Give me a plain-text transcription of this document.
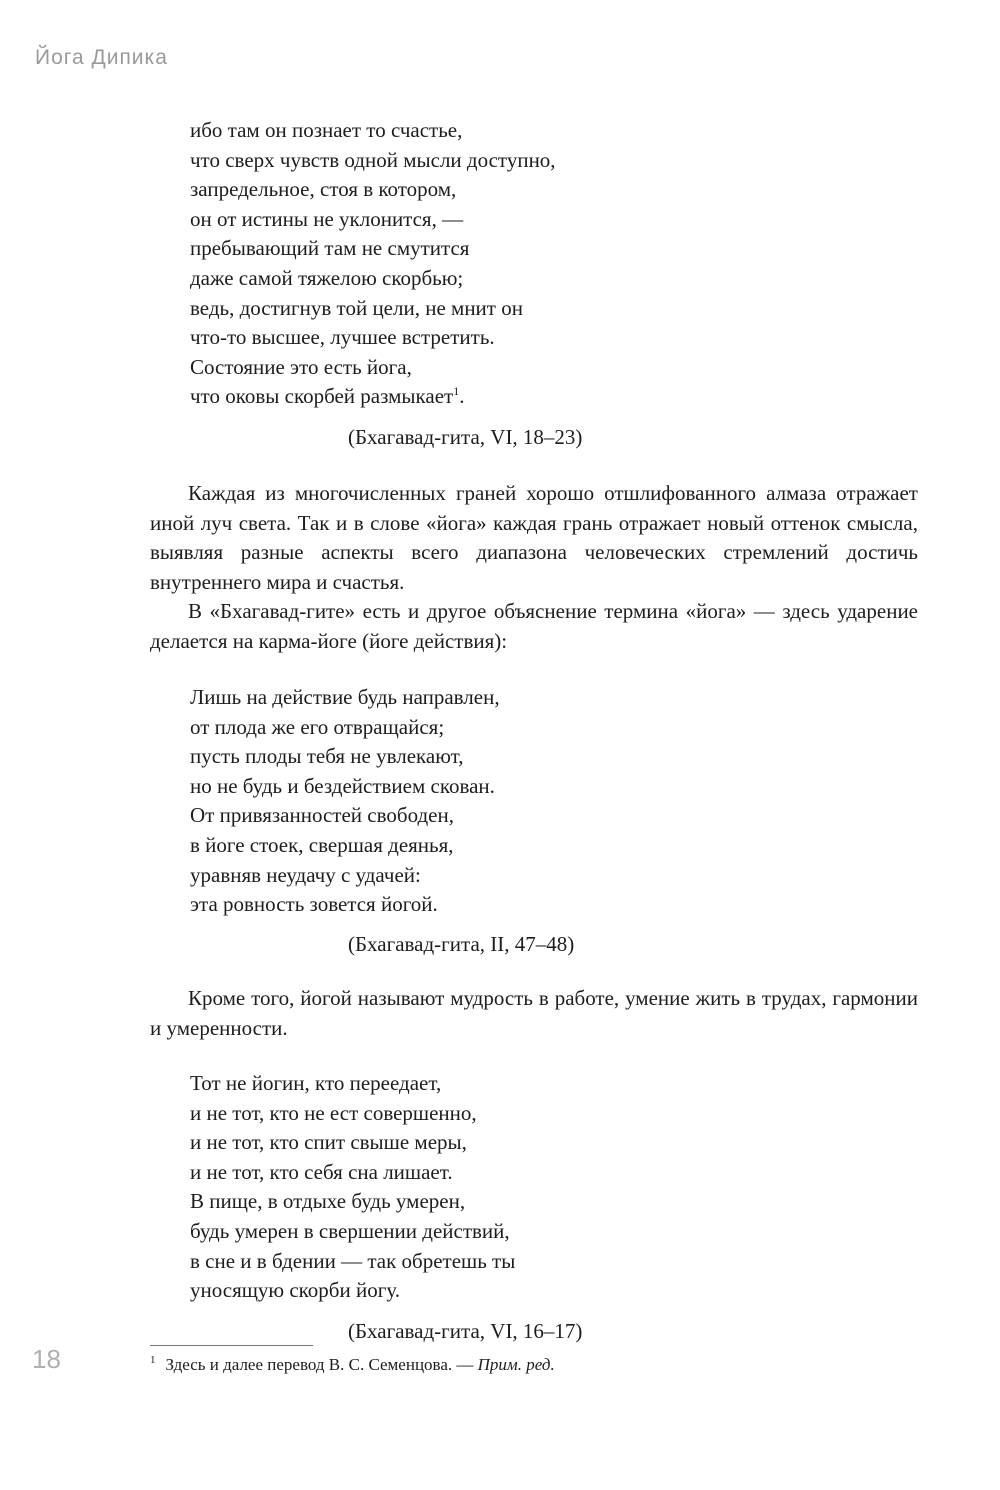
Йога Дипика
ибо там он познает то счастье,
что сверх чувств одной мысли доступно,
запредельное, стоя в котором,
он от истины не уклонится, —
пребывающий там не смутится
даже самой тяжелою скорбью;
ведь, достигнув той цели, не мнит он
что-то высшее, лучшее встретить.
Состояние это есть йога,
что оковы скорбей размыкает$^1$.
(Бхагавад-гита, VI, 18–23)

Каждая из многочисленных граней хорошо отшлифованного алмаза отражает иной луч света. Так и в слове «йога» каждая грань отражает новый оттенок смысла, выявляя разные аспекты всего диапазона человеческих стремлений достичь внутреннего мира и счастья.

В «Бхагавад-гите» есть и другое объяснение термина «йога» — здесь ударение делается на карма-йоге (йоге действия):

Лишь на действие будь направлен,
от плода же его отвращайся;
пусть плоды тебя не увлекают,
но не будь и бездействием скован.
От привязанностей свободен,
в йоге стоек, свершая деянья,
уравняв неудачу с удачей:
эта ровность зовется йогой.
(Бхагавад-гита, II, 47–48)

Кроме того, йогой называют мудрость в работе, умение жить в трудах, гармонии и умеренности.

Тот не йогин, кто переедает,
и не тот, кто не ест совершенно,
и не тот, кто спит свыше меры,
и не тот, кто себя сна лишает.
В пище, в отдыхе будь умерен,
будь умерен в свершении действий,
в сне и в бдении — так обретешь ты
уносящую скорби йогу.
(Бхагавад-гита, VI, 16–17)
18	$^1$ Здесь и далее перевод В. С. Семенцова. — Прим. ред.
